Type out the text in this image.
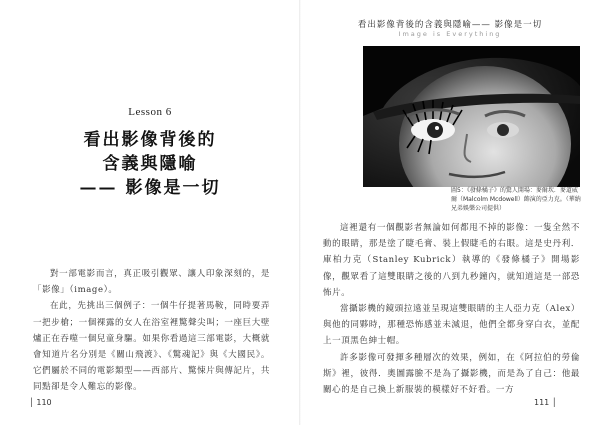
Lesson 6
看出影像背後的
含義與隱喻
—— 影像是一切

對一部電影而言，真正吸引觀眾、讓人印象深刻的，是「影像」（image）。

在此，先挑出三個例子：一個牛仔提著馬鞍，同時要弄一把步槍；一個裸露的女人在浴室裡驚聲尖叫；一座巨大壁爐正在吞噬一個兒童身驅。如果你看過這三部電影，大概就會知道片名分別是《關山飛渡》、《驚魂記》與《大國民》。它們屬於不同的電影類型——西部片、驚悚片與傳記片，共同點卻是令人難忘的影像。

│ 110
看出影像背後的含義與隱喻—— 影像是一切
Image is Everything
圖5：《發條橘子》的驚人開場：麥爾坎．麥道威爾（Malcolm Mcdowell）飾演的亞力克。（華納兄弟娛樂公司提供）

這裡還有一個觀影者無論如何都甩不掉的影像：一隻全然不動的眼睛，那是塗了睫毛膏、裝上假睫毛的右眼。這是史丹利．庫柏力克（Stanley Kubrick）執導的《發條橘子》開場影像，觀眾看了這雙眼睛之後的八到九秒鐘內，就知道這是一部恐怖片。

當攝影機的鏡頭拉遠並呈現這雙眼睛的主人亞力克（Alex）與他的同夥時，那種恐怖感並未減退，他們全都身穿白衣，並配上一頂黑色紳士帽。

許多影像可發揮多種層次的效果，例如，在《阿拉伯的勞倫斯》裡，彼得．奧圖露臉不是為了攝影機，而是為了自己：他最關心的是自己換上新服裝的模樣好不好看。一方

111 │
